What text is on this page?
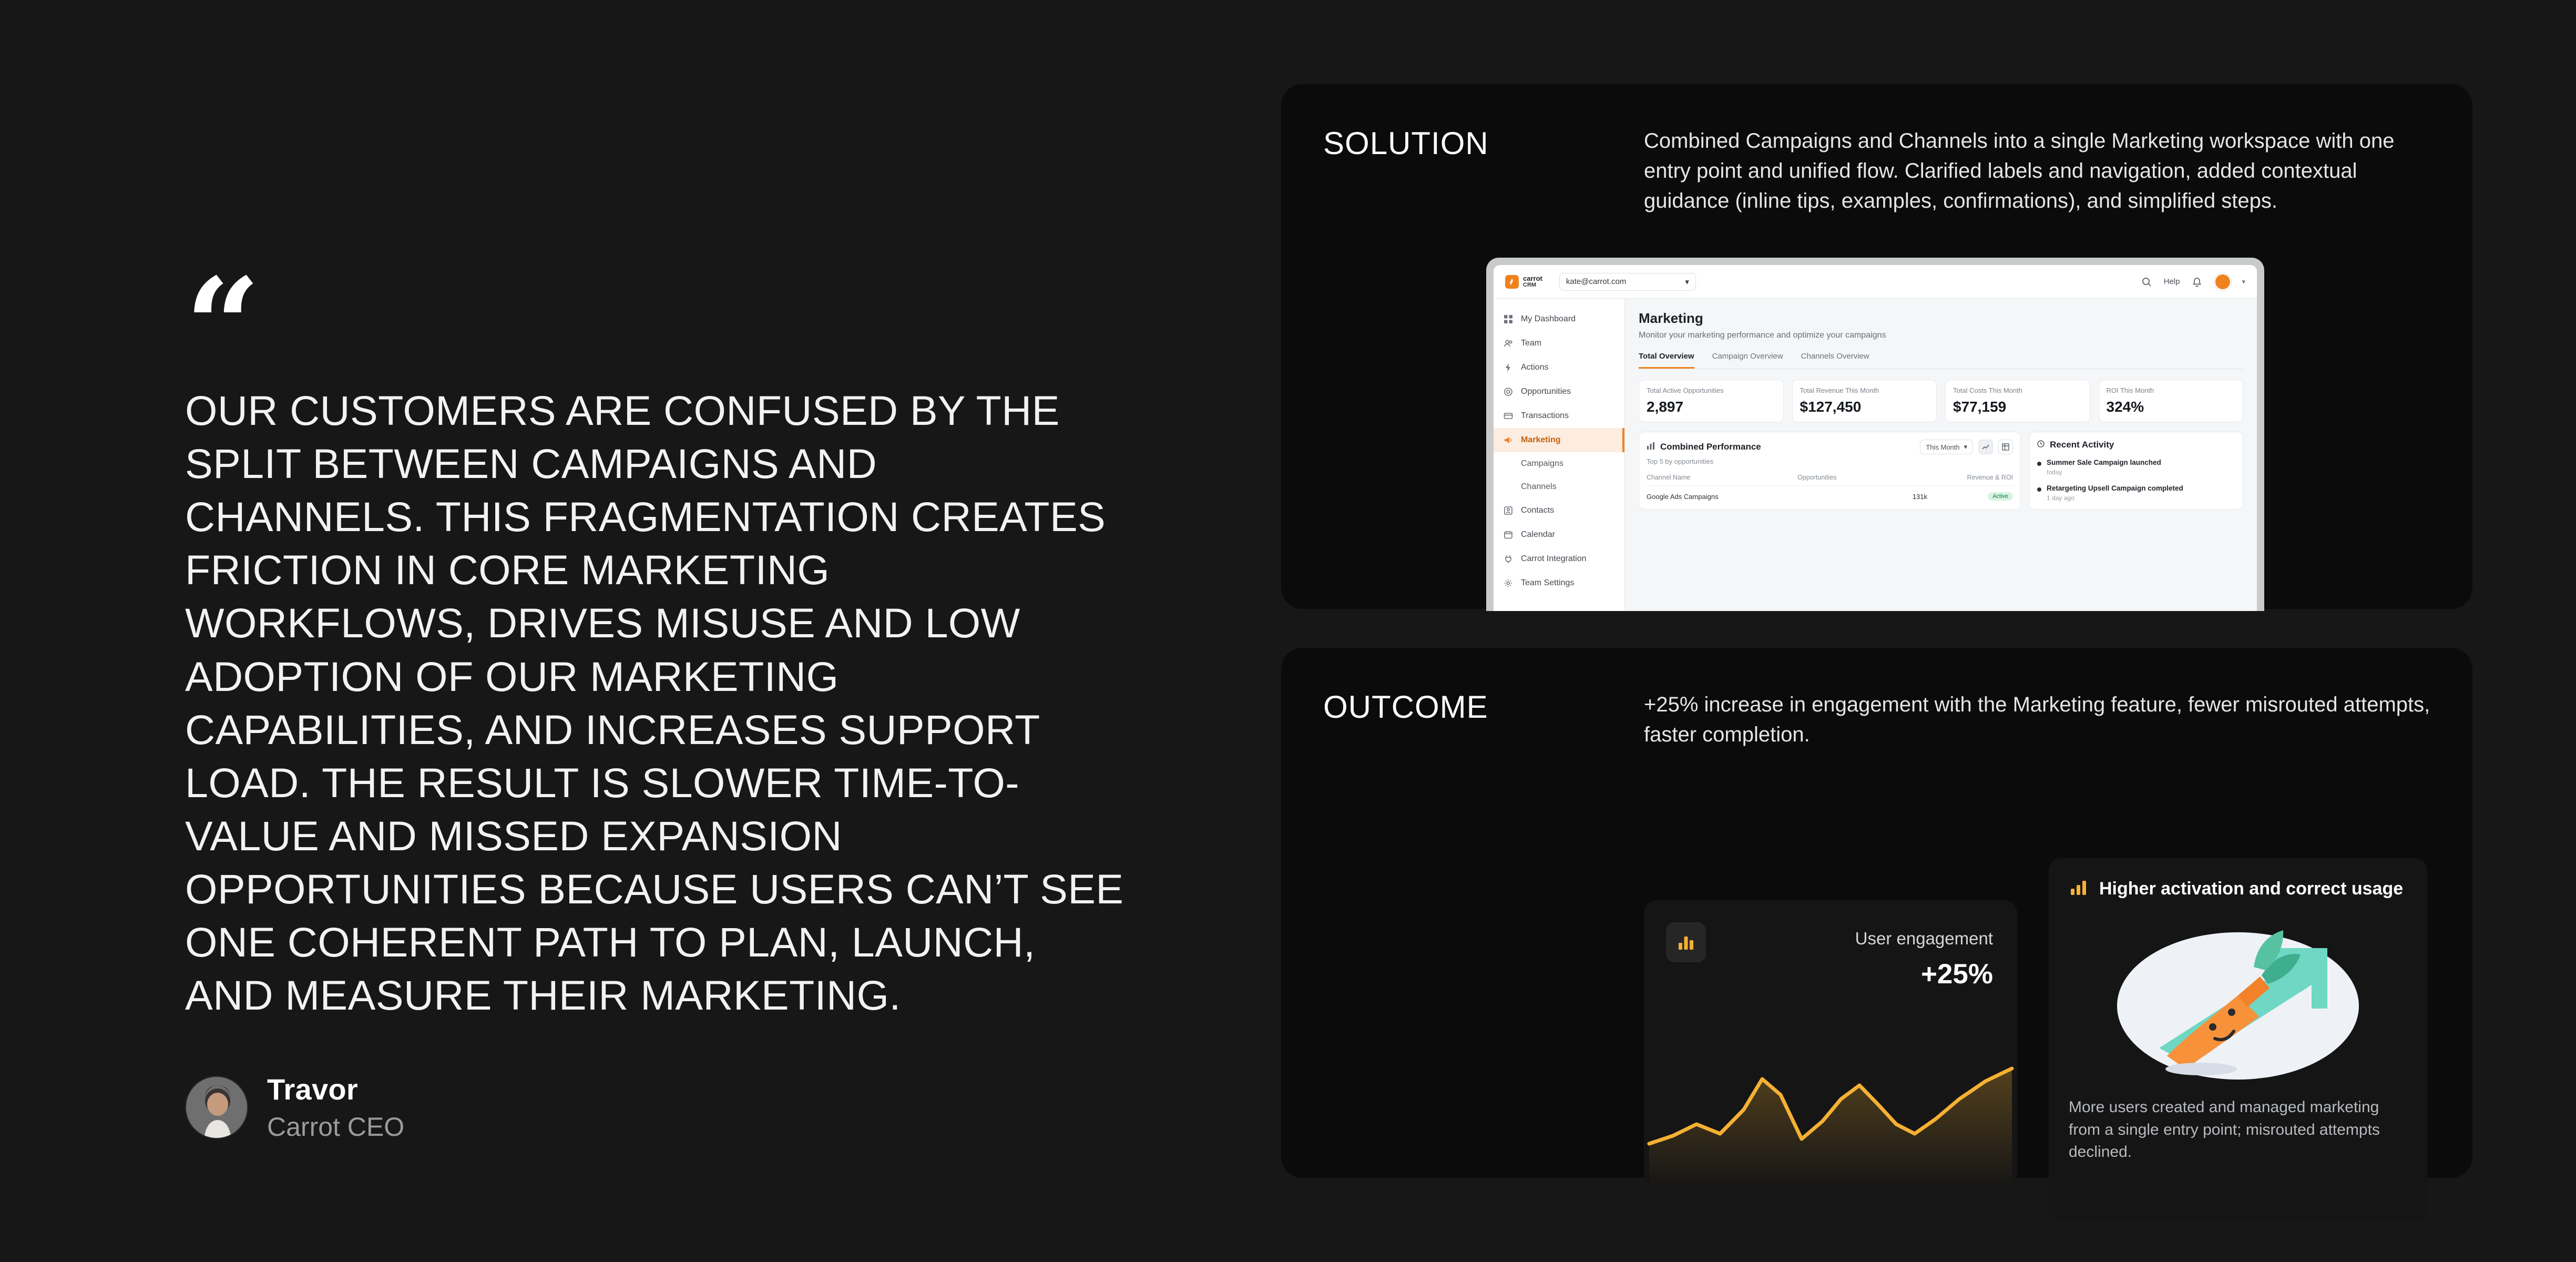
“
OUR CUSTOMERS ARE CONFUSED BY THE SPLIT BETWEEN CAMPAIGNS AND CHANNELS. THIS FRAGMENTATION CREATES FRICTION IN CORE MARKETING WORKFLOWS, DRIVES MISUSE AND LOW ADOPTION OF OUR MARKETING CAPABILITIES, AND INCREASES SUPPORT LOAD. THE RESULT IS SLOWER TIME-TO-VALUE AND MISSED EXPANSION OPPORTUNITIES BECAUSE USERS CAN’T SEE ONE COHERENT PATH TO PLAN, LAUNCH, AND MEASURE THEIR MARKETING.
Travor
Carrot CEO
SOLUTION	Combined Campaigns and Channels into a single Marketing workspace with one entry point and unified flow. Clarified labels and navigation, added contextual guidance (inline tips, examples, confirmations), and simplified steps.
carrot
CRM	kate@carrot.com	▾	Help	▾
My Dashboard
Team
Actions
Opportunities
Transactions
Marketing
Campaigns
Channels
Contacts
Calendar
Carrot Integration
Team Settings
Marketing
Monitor your marketing performance and optimize your campaigns
Total Overview Campaign Overview Channels Overview
Total Active Opportunities
2,897
Total Revenue This Month
$127,450
Total Costs This Month
$77,159
ROI This Month
324%
Combined Performance	This Month ▾
Top 5 by opportunities
Channel Name	Opportunities	Revenue & ROI
Google Ads Campaigns	131k	Active
Recent Activity
Summer Sale Campaign launched
today
Retargeting Upsell Campaign completed
1 day ago
OUTCOME	+25% increase in engagement with the Marketing feature, fewer misrouted attempts, faster completion.
User engagement
+25%
Higher activation and correct usage
More users created and managed marketing from a single entry point; misrouted attempts declined.
